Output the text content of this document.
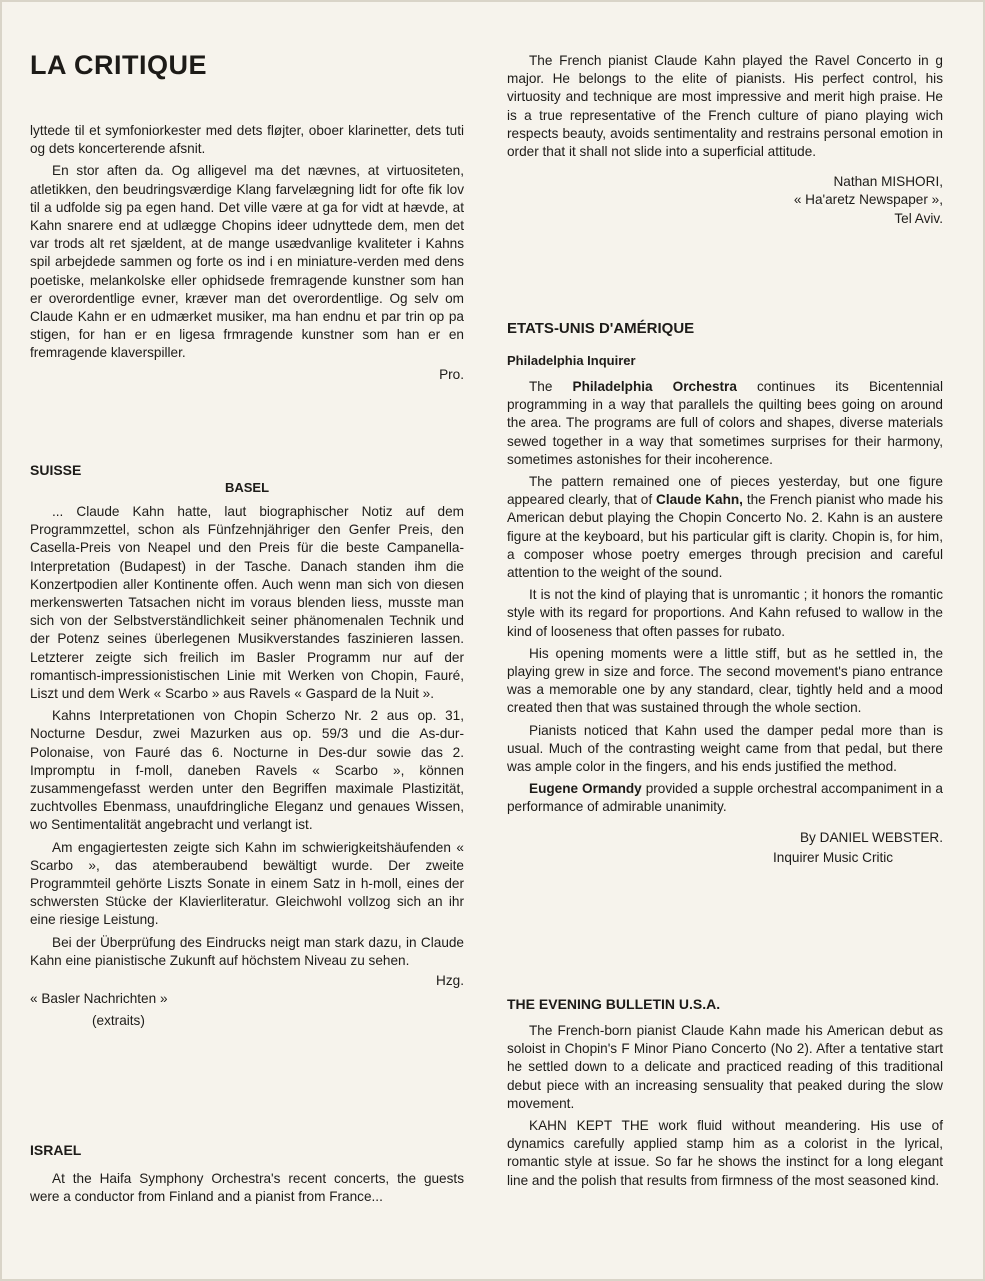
LA CRITIQUE

lyttede til et symfoniorkester med dets fløjter, oboer klarinetter, dets tuti og dets koncerterende afsnit.

En stor aften da. Og alligevel ma det nævnes, at virtuositeten, atletikken, den beudringsværdige Klang farvelægning lidt for ofte fik lov til a udfolde sig pa egen hand. Det ville være at ga for vidt at hævde, at Kahn snarere end at udlægge Chopins ideer udnyttede dem, men det var trods alt ret sjældent, at de mange usædvanlige kvaliteter i Kahns spil arbejdede sammen og forte os ind i en miniature-verden med dens poetiske, melankolske eller ophidsede fremragende kunstner som han er overordentlige evner, kræver man det overordentlige. Og selv om Claude Kahn er en udmærket musiker, ma han endnu et par trin op pa stigen, for han er en ligesa frmragende kunstner som han er en fremragende klaverspiller.

Pro.
SUISSE
BASEL

... Claude Kahn hatte, laut biographischer Notiz auf dem Programmzettel, schon als Fünfzehnjähriger den Genfer Preis, den Casella-Preis von Neapel und den Preis für die beste Campanella-Interpretation (Budapest) in der Tasche. Danach standen ihm die Konzertpodien aller Kontinente offen. Auch wenn man sich von diesen merkenswerten Tatsachen nicht im voraus blenden liess, musste man sich von der Selbstverständlichkeit seiner phänomenalen Technik und der Potenz seines überlegenen Musikverstandes faszinieren lassen. Letzterer zeigte sich freilich im Basler Programm nur auf der romantisch-impressionistischen Linie mit Werken von Chopin, Fauré, Liszt und dem Werk « Scarbo » aus Ravels « Gaspard de la Nuit ».

Kahns Interpretationen von Chopin Scherzo Nr. 2 aus op. 31, Nocturne Desdur, zwei Mazurken aus op. 59/3 und die As-dur-Polonaise, von Fauré das 6. Nocturne in Des-dur sowie das 2. Impromptu in f-moll, daneben Ravels « Scarbo », können zusammengefasst werden unter den Begriffen maximale Plastizität, zuchtvolles Ebenmass, unaufdringliche Eleganz und genaues Wissen, wo Sentimentalität angebracht und verlangt ist.

Am engagiertesten zeigte sich Kahn im schwierigkeitshäufenden « Scarbo », das atemberaubend bewältigt wurde. Der zweite Programmteil gehörte Liszts Sonate in einem Satz in h-moll, eines der schwersten Stücke der Klavierliteratur. Gleichwohl vollzog sich an ihr eine riesige Leistung.

Bei der Überprüfung des Eindrucks neigt man stark dazu, in Claude Kahn eine pianistische Zukunft auf höchstem Niveau zu sehen.

Hzg.
« Basler Nachrichten »
(extraits)
ISRAEL

At the Haifa Symphony Orchestra's recent concerts, the guests were a conductor from Finland and a pianist from France...

The French pianist Claude Kahn played the Ravel Concerto in g major. He belongs to the elite of pianists. His perfect control, his virtuosity and technique are most impressive and merit high praise. He is a true representative of the French culture of piano playing wich respects beauty, avoids sentimentality and restrains personal emotion in order that it shall not slide into a superficial attitude.

Nathan MISHORI,
« Ha'aretz Newspaper »,
Tel Aviv.
ETATS-UNIS D'AMÉRIQUE
Philadelphia Inquirer

The Philadelphia Orchestra continues its Bicentennial programming in a way that parallels the quilting bees going on around the area. The programs are full of colors and shapes, diverse materials sewed together in a way that sometimes surprises for their harmony, sometimes astonishes for their incoherence.

The pattern remained one of pieces yesterday, but one figure appeared clearly, that of Claude Kahn, the French pianist who made his American debut playing the Chopin Concerto No. 2. Kahn is an austere figure at the keyboard, but his particular gift is clarity. Chopin is, for him, a composer whose poetry emerges through precision and careful attention to the weight of the sound.

It is not the kind of playing that is unromantic ; it honors the romantic style with its regard for proportions. And Kahn refused to wallow in the kind of looseness that often passes for rubato.

His opening moments were a little stiff, but as he settled in, the playing grew in size and force. The second movement's piano entrance was a memorable one by any standard, clear, tightly held and a mood created then that was sustained through the whole section.

Pianists noticed that Kahn used the damper pedal more than is usual. Much of the contrasting weight came from that pedal, but there was ample color in the fingers, and his ends justified the method.

Eugene Ormandy provided a supple orchestral accompaniment in a performance of admirable unanimity.

By DANIEL WEBSTER.
Inquirer Music Critic
THE EVENING BULLETIN U.S.A.

The French-born pianist Claude Kahn made his American debut as soloist in Chopin's F Minor Piano Concerto (No 2). After a tentative start he settled down to a delicate and practiced reading of this traditional debut piece with an increasing sensuality that peaked during the slow movement.

KAHN KEPT THE work fluid without meandering. His use of dynamics carefully applied stamp him as a colorist in the lyrical, romantic style at issue. So far he shows the instinct for a long elegant line and the polish that results from firmness of the most seasoned kind.
